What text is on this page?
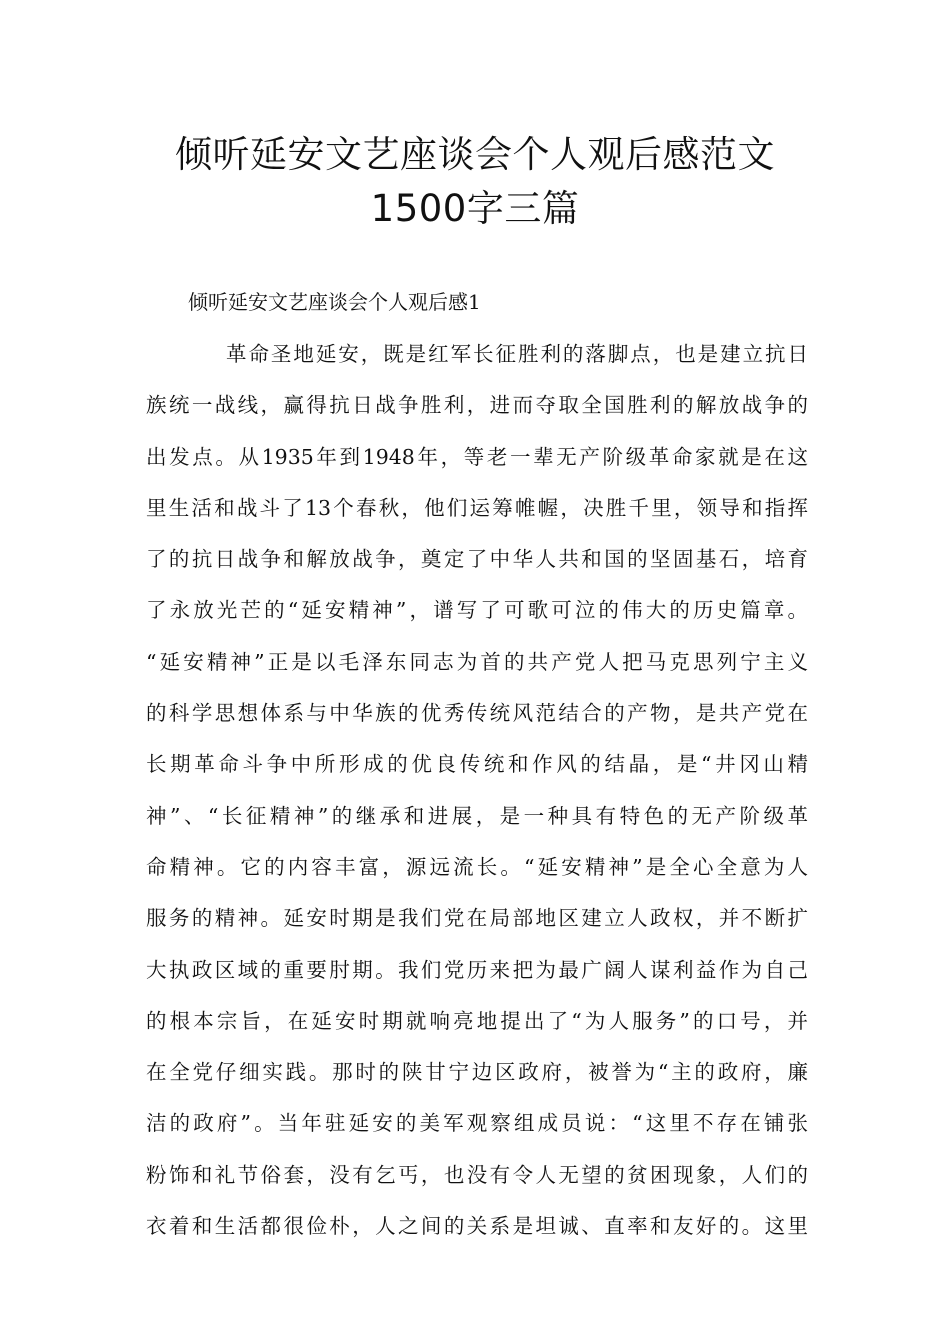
倾听延安文艺座谈会个人观后感范文
1500字三篇

倾听延安文艺座谈会个人观后感1

革命圣地延安，既是红军长征胜利的落脚点，也是建立抗日
族统一战线，赢得抗日战争胜利，进而夺取全国胜利的解放战争的
出发点。从1935年到1948年，等老一辈无产阶级革命家就是在这
里生活和战斗了13个春秋，他们运筹帷幄，决胜千里，领导和指挥
了的抗日战争和解放战争，奠定了中华人共和国的坚固基石，培育
了永放光芒的“延安精神”，谱写了可歌可泣的伟大的历史篇章。
“延安精神”正是以毛泽东同志为首的共产党人把马克思列宁主义
的科学思想体系与中华族的优秀传统风范结合的产物，是共产党在
长期革命斗争中所形成的优良传统和作风的结晶，是“井冈山精
神”、“长征精神”的继承和进展，是一种具有特色的无产阶级革
命精神。它的内容丰富，源远流长。“延安精神”是全心全意为人
服务的精神。延安时期是我们党在局部地区建立人政权，并不断扩
大执政区域的重要肘期。我们党历来把为最广阔人谋利益作为自己
的根本宗旨，在延安时期就响亮地提出了“为人服务”的口号，并
在全党仔细实践。那时的陕甘宁边区政府，被誉为“主的政府，廉
洁的政府”。当年驻延安的美军观察组成员说：“这里不存在铺张
粉饰和礼节俗套，没有乞丐，也没有令人无望的贫困现象，人们的
衣着和生活都很俭朴，人之间的关系是坦诚、直率和友好的。这里
